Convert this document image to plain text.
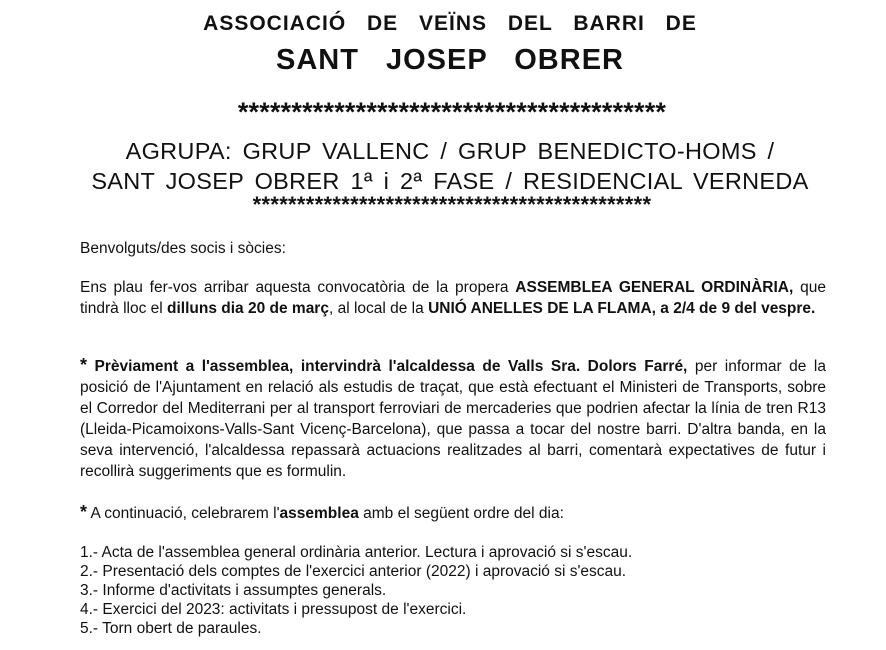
ASSOCIACIÓ DE VEÏNS DEL BARRI DE
SANT JOSEP OBRER
****************************************
AGRUPA: GRUP VALLENC / GRUP BENEDICTO-HOMS /
SANT JOSEP OBRER 1ª i 2ª FASE / RESIDENCIAL VERNEDA
*********************************************
Benvolguts/des socis i sòcies:
Ens plau fer-vos arribar aquesta convocatòria de la propera ASSEMBLEA GENERAL ORDINÀRIA, que tindrà lloc el dilluns dia 20 de març, al local de la UNIÓ ANELLES DE LA FLAMA, a 2/4 de 9 del vespre.
* Prèviament a l'assemblea, intervindrà l'alcaldessa de Valls Sra. Dolors Farré, per informar de la posició de l'Ajuntament en relació als estudis de traçat, que està efectuant el Ministeri de Transports, sobre el Corredor del Mediterrani per al transport ferroviari de mercaderies que podrien afectar la línia de tren R13 (Lleida-Picamoixons-Valls-Sant Vicenç-Barcelona), que passa a tocar del nostre barri. D'altra banda, en la seva intervenció, l'alcaldessa repassarà actuacions realitzades al barri, comentarà expectatives de futur i recollirà suggeriments que es formulin.
* A continuació, celebrarem l'assemblea amb el següent ordre del dia:
1.- Acta de l'assemblea general ordinària anterior. Lectura i aprovació si s'escau.
2.- Presentació dels comptes de l'exercici anterior (2022) i aprovació si s'escau.
3.- Informe d'activitats i assumptes generals.
4.- Exercici del 2023: activitats i pressupost de l'exercici.
5.- Torn obert de paraules.
